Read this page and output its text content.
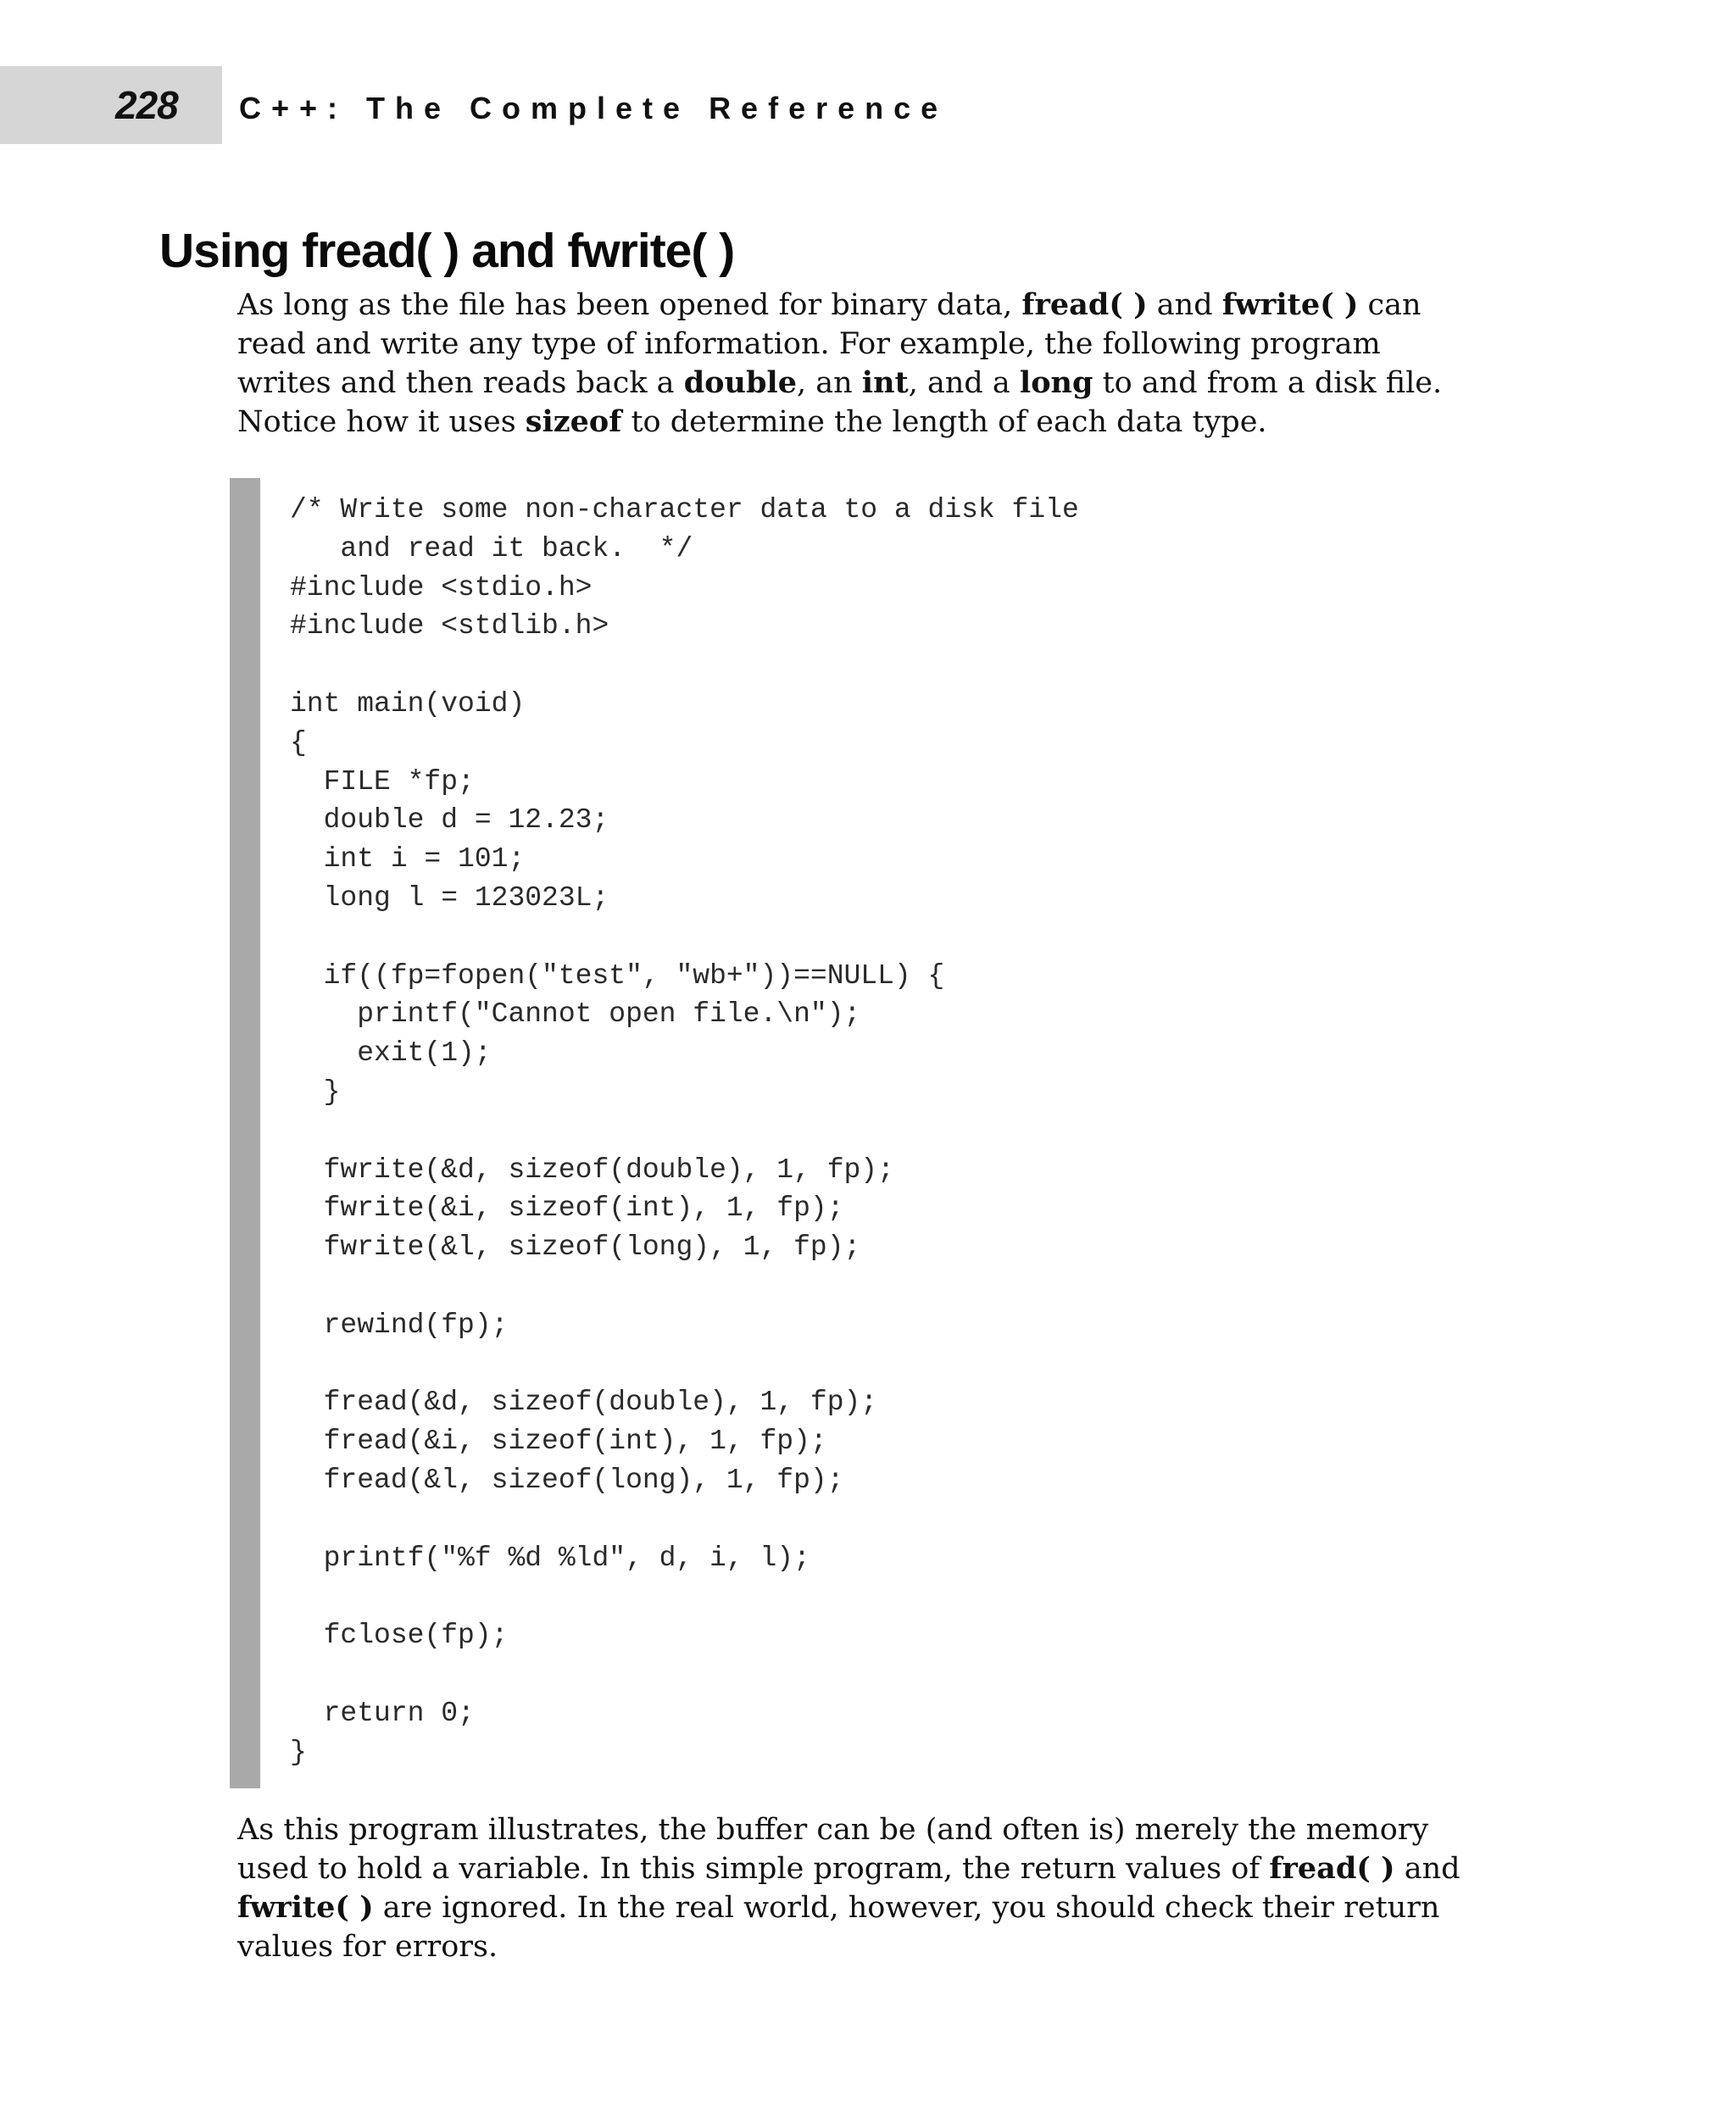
228 C++: The Complete Reference
Using fread( ) and fwrite( )

As long as the file has been opened for binary data, fread( ) and fwrite( ) can read and write any type of information. For example, the following program writes and then reads back a double, an int, and a long to and from a disk file. Notice how it uses sizeof to determine the length of each data type.

/* Write some non-character data to a disk file
and read it back.  */
#include <stdio.h>
#include <stdlib.h>
int main(void)
{
FILE *fp;
double d = 12.23;
int i = 101;
long l = 123023L;
if((fp=fopen("test", "wb+"))==NULL) {
printf("Cannot open file.\n");
exit(1);
}
fwrite(&d, sizeof(double), 1, fp);
fwrite(&i, sizeof(int), 1, fp);
fwrite(&l, sizeof(long), 1, fp);
rewind(fp);
fread(&d, sizeof(double), 1, fp);
fread(&i, sizeof(int), 1, fp);
fread(&l, sizeof(long), 1, fp);
printf("%f %d %ld", d, i, l);
fclose(fp);
return 0;
}

As this program illustrates, the buffer can be (and often is) merely the memory used to hold a variable. In this simple program, the return values of fread( ) and fwrite( ) are ignored. In the real world, however, you should check their return values for errors.
